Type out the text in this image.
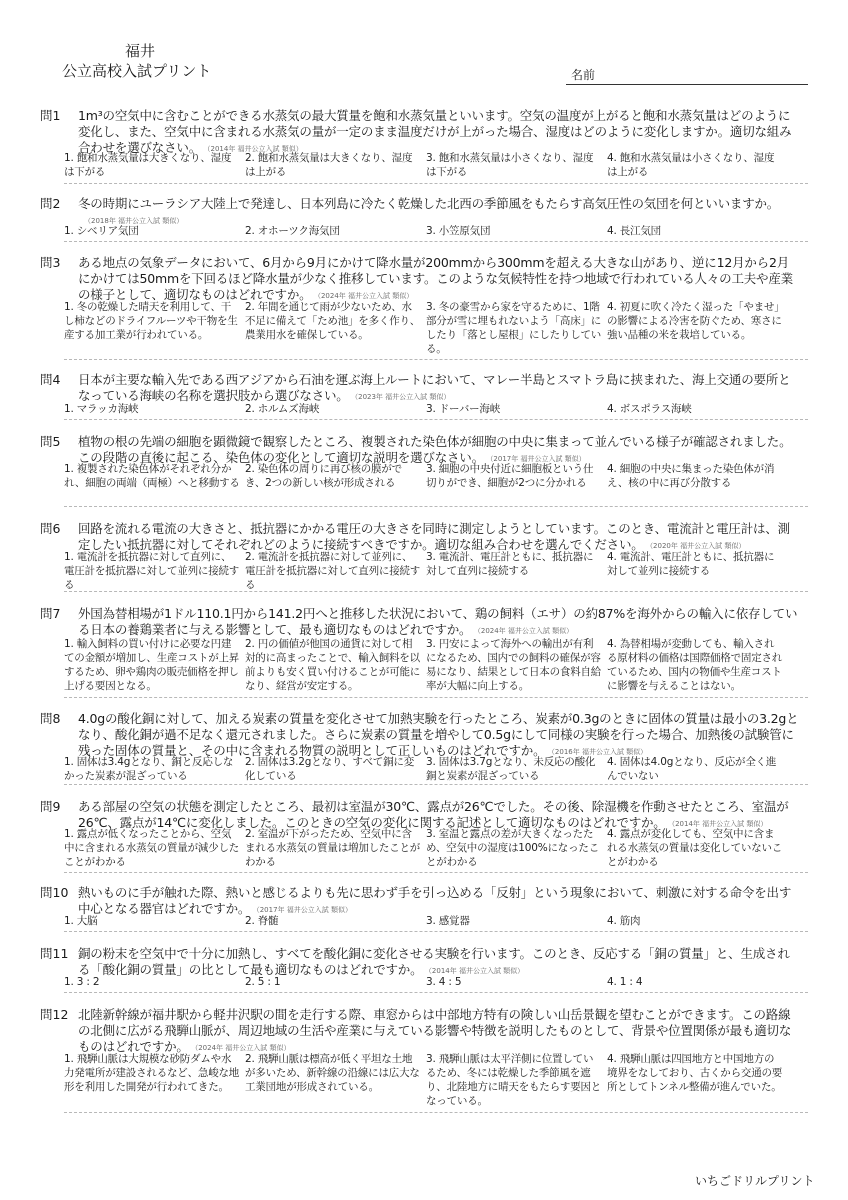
福井
公立高校入試プリント	名前
問1 1m³の空気中に含むことができる水蒸気の最大質量を飽和水蒸気量といいます。空気の温度が上がると飽和水蒸気量はどのように変化し、また、空気中に含まれる水蒸気の量が一定のまま温度だけが上がった場合、湿度はどのように変化しますか。適切な組み合わせを選びなさい。 （2014年 福井公立入試 類似）
1. 飽和水蒸気量は大きくなり、湿度は下がる
2. 飽和水蒸気量は大きくなり、湿度は上がる
3. 飽和水蒸気量は小さくなり、湿度は下がる
4. 飽和水蒸気量は小さくなり、湿度は上がる
問2 冬の時期にユーラシア大陸上で発達し、日本列島に冷たく乾燥した北西の季節風をもたらす高気圧性の気団を何といいますか。（2018年 福井公立入試 類似）
1. シベリア気団	2. オホーツク海気団	3. 小笠原気団	4. 長江気団
問3 ある地点の気象データにおいて、6月から9月にかけて降水量が200mmから300mmを超える大きな山があり、逆に12月から2月にかけては50mmを下回るほど降水量が少なく推移しています。このような気候特性を持つ地域で行われている人々の工夫や産業の様子として、適切なものはどれですか。 （2024年 福井公立入試 類似）
1. 冬の乾燥した晴天を利用して、干し柿などのドライフルーツや干物を生産する加工業が行われている。
2. 年間を通じて雨が少ないため、水不足に備えて「ため池」を多く作り、農業用水を確保している。
3. 冬の豪雪から家を守るために、1階部分が雪に埋もれないよう「高床」にしたり「落とし屋根」にしたりしている。
4. 初夏に吹く冷たく湿った「やませ」の影響による冷害を防ぐため、寒さに強い品種の米を栽培している。
問4 日本が主要な輸入先である西アジアから石油を運ぶ海上ルートにおいて、マレー半島とスマトラ島に挟まれた、海上交通の要所となっている海峡の名称を選択肢から選びなさい。 （2023年 福井公立入試 類似）
1. マラッカ海峡	2. ホルムズ海峡	3. ドーバー海峡	4. ボスポラス海峡
問5 植物の根の先端の細胞を顕微鏡で観察したところ、複製された染色体が細胞の中央に集まって並んでいる様子が確認されました。この段階の直後に起こる、染色体の変化として適切な説明を選びなさい。 （2017年 福井公立入試 類似）
1. 複製された染色体がそれぞれ分かれ、細胞の両端（両極）へと移動する
2. 染色体の周りに再び核の膜ができ、2つの新しい核が形成される
3. 細胞の中央付近に細胞板という仕切りができ、細胞が2つに分かれる
4. 細胞の中央に集まった染色体が消え、核の中に再び分散する
問6 回路を流れる電流の大きさと、抵抗器にかかる電圧の大きさを同時に測定しようとしています。このとき、電流計と電圧計は、測定したい抵抗器に対してそれぞれどのように接続すべきですか。適切な組み合わせを選んでください。 （2020年 福井公立入試 類似）
1. 電流計を抵抗器に対して直列に、電圧計を抵抗器に対して並列に接続する
2. 電流計を抵抗器に対して並列に、電圧計を抵抗器に対して直列に接続する
3. 電流計、電圧計ともに、抵抗器に対して直列に接続する
4. 電流計、電圧計ともに、抵抗器に対して並列に接続する
問7 外国為替相場が1ドル110.1円から141.2円へと推移した状況において、鶏の飼料（エサ）の約87%を海外からの輸入に依存している日本の養鶏業者に与える影響として、最も適切なものはどれですか。 （2024年 福井公立入試 類似）
1. 輸入飼料の買い付けに必要な円建ての金額が増加し、生産コストが上昇するため、卵や鶏肉の販売価格を押し上げる要因となる。
2. 円の価値が他国の通貨に対して相対的に高まったことで、輸入飼料を以前よりも安く買い付けることが可能になり、経営が安定する。
3. 円安によって海外への輸出が有利になるため、国内での飼料の確保が容易になり、結果として日本の食料自給率が大幅に向上する。
4. 為替相場が変動しても、輸入される原材料の価格は国際価格で固定されているため、国内の物価や生産コストに影響を与えることはない。
問8 4.0gの酸化銅に対して、加える炭素の質量を変化させて加熱実験を行ったところ、炭素が0.3gのときに固体の質量は最小の3.2gとなり、酸化銅が過不足なく還元されました。さらに炭素の質量を増やして0.5gにして同様の実験を行った場合、加熱後の試験管に残った固体の質量と、その中に含まれる物質の説明として正しいものはどれですか。 （2016年 福井公立入試 類似）
1. 固体は3.4gとなり、銅と反応しなかった炭素が混ざっている
2. 固体は3.2gとなり、すべて銅に変化している
3. 固体は3.7gとなり、未反応の酸化銅と炭素が混ざっている
4. 固体は4.0gとなり、反応が全く進んでいない
問9 ある部屋の空気の状態を測定したところ、最初は室温が30℃、露点が26℃でした。その後、除湿機を作動させたところ、室温が26℃、露点が14℃に変化しました。このときの空気の変化に関する記述として適切なものはどれですか。 （2014年 福井公立入試 類似）
1. 露点が低くなったことから、空気中に含まれる水蒸気の質量が減少したことがわかる
2. 室温が下がったため、空気中に含まれる水蒸気の質量は増加したことがわかる
3. 室温と露点の差が大きくなったため、空気中の湿度は100%になったことがわかる
4. 露点が変化しても、空気中に含まれる水蒸気の質量は変化していないことがわかる
問10 熱いものに手が触れた際、熱いと感じるよりも先に思わず手を引っ込める「反射」という現象において、刺激に対する命令を出す中心となる器官はどれですか。 （2017年 福井公立入試 類似）
1. 大脳	2. 脊髄	3. 感覚器	4. 筋肉
問11 銅の粉末を空気中で十分に加熱し、すべてを酸化銅に変化させる実験を行います。このとき、反応する「銅の質量」と、生成される「酸化銅の質量」の比として最も適切なものはどれですか。 （2014年 福井公立入試 類似）
1. 3 : 2	2. 5 : 1	3. 4 : 5	4. 1 : 4
問12 北陸新幹線が福井駅から軽井沢駅の間を走行する際、車窓からは中部地方特有の険しい山岳景観を望むことができます。この路線の北側に広がる飛騨山脈が、周辺地域の生活や産業に与えている影響や特徴を説明したものとして、背景や位置関係が最も適切なものはどれですか。 （2024年 福井公立入試 類似）
1. 飛騨山脈は大規模な砂防ダムや水力発電所が建設されるなど、急峻な地形を利用した開発が行われてきた。
2. 飛騨山脈は標高が低く平坦な土地が多いため、新幹線の沿線には広大な工業団地が形成されている。
3. 飛騨山脈は太平洋側に位置しているため、冬には乾燥した季節風を遮り、北陸地方に晴天をもたらす要因となっている。
4. 飛騨山脈は四国地方と中国地方の境界をなしており、古くから交通の要所としてトンネル整備が進んでいた。
いちごドリルプリント
